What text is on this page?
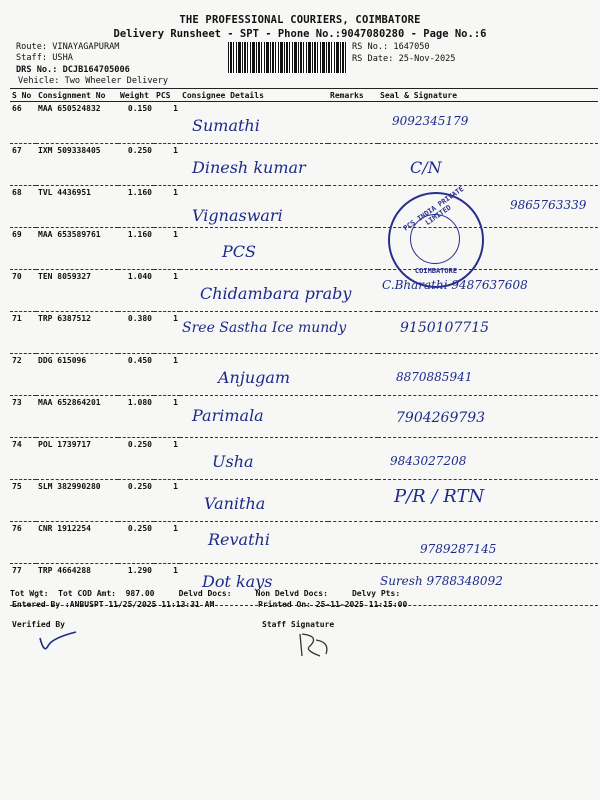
THE PROFESSIONAL COURIERS, COIMBATORE
Delivery Runsheet - SPT - Phone No.:9047080280 - Page No.:6
Route: VINAYAGAPURAM
Staff: USHA
DRS No.: DCJB164705006
Vehicle: Two Wheeler Delivery
RS No.: 1647050
RS Date: 25-Nov-2025
S No	Consignment No	Weight	PCS	Consignee Details	Remarks	Seal & Signature
66	MAA 650524832	0.150	1	Sumathi		9092345179
67	IXM 509338405	0.250	1	Dinesh kumar		C/N
68	TVL 4436951	1.160	1	Vignaswari		9865763339
69	MAA 653589761	1.160	1	PCS		
70	TEN 8059327	1.040	1	Chidambara praby		C.Bharathi 9487637608
71	TRP 6387512	0.380	1	Sree Sastha Ice mundy		9150107715
72	DDG 615096	0.450	1	Anjugam		8870885941
73	MAA 652864201	1.080	1	Parimala		7904269793
74	POL 1739717	0.250	1	Usha		9843027208
75	SLM 382990280	0.250	1	Vanitha		P/R / RTN
76	CNR 1912254	0.250	1	Revathi		9789287145
77	TRP 4664288	1.290	1	Dot kays		Suresh 9788348092
PCS INDIA PRIVATE LIMITED
COIMBATORE
Tot Wgt:  Tot COD Amt:  987.00     Delvd Docs:     Non Delvd Docs:     Delvy Pts:
Entered By :ANBUSPT 11/25/2025 11:13:31 AM	Printed On: 25-11-2025 11:15:00
Verified By	Staff Signature
